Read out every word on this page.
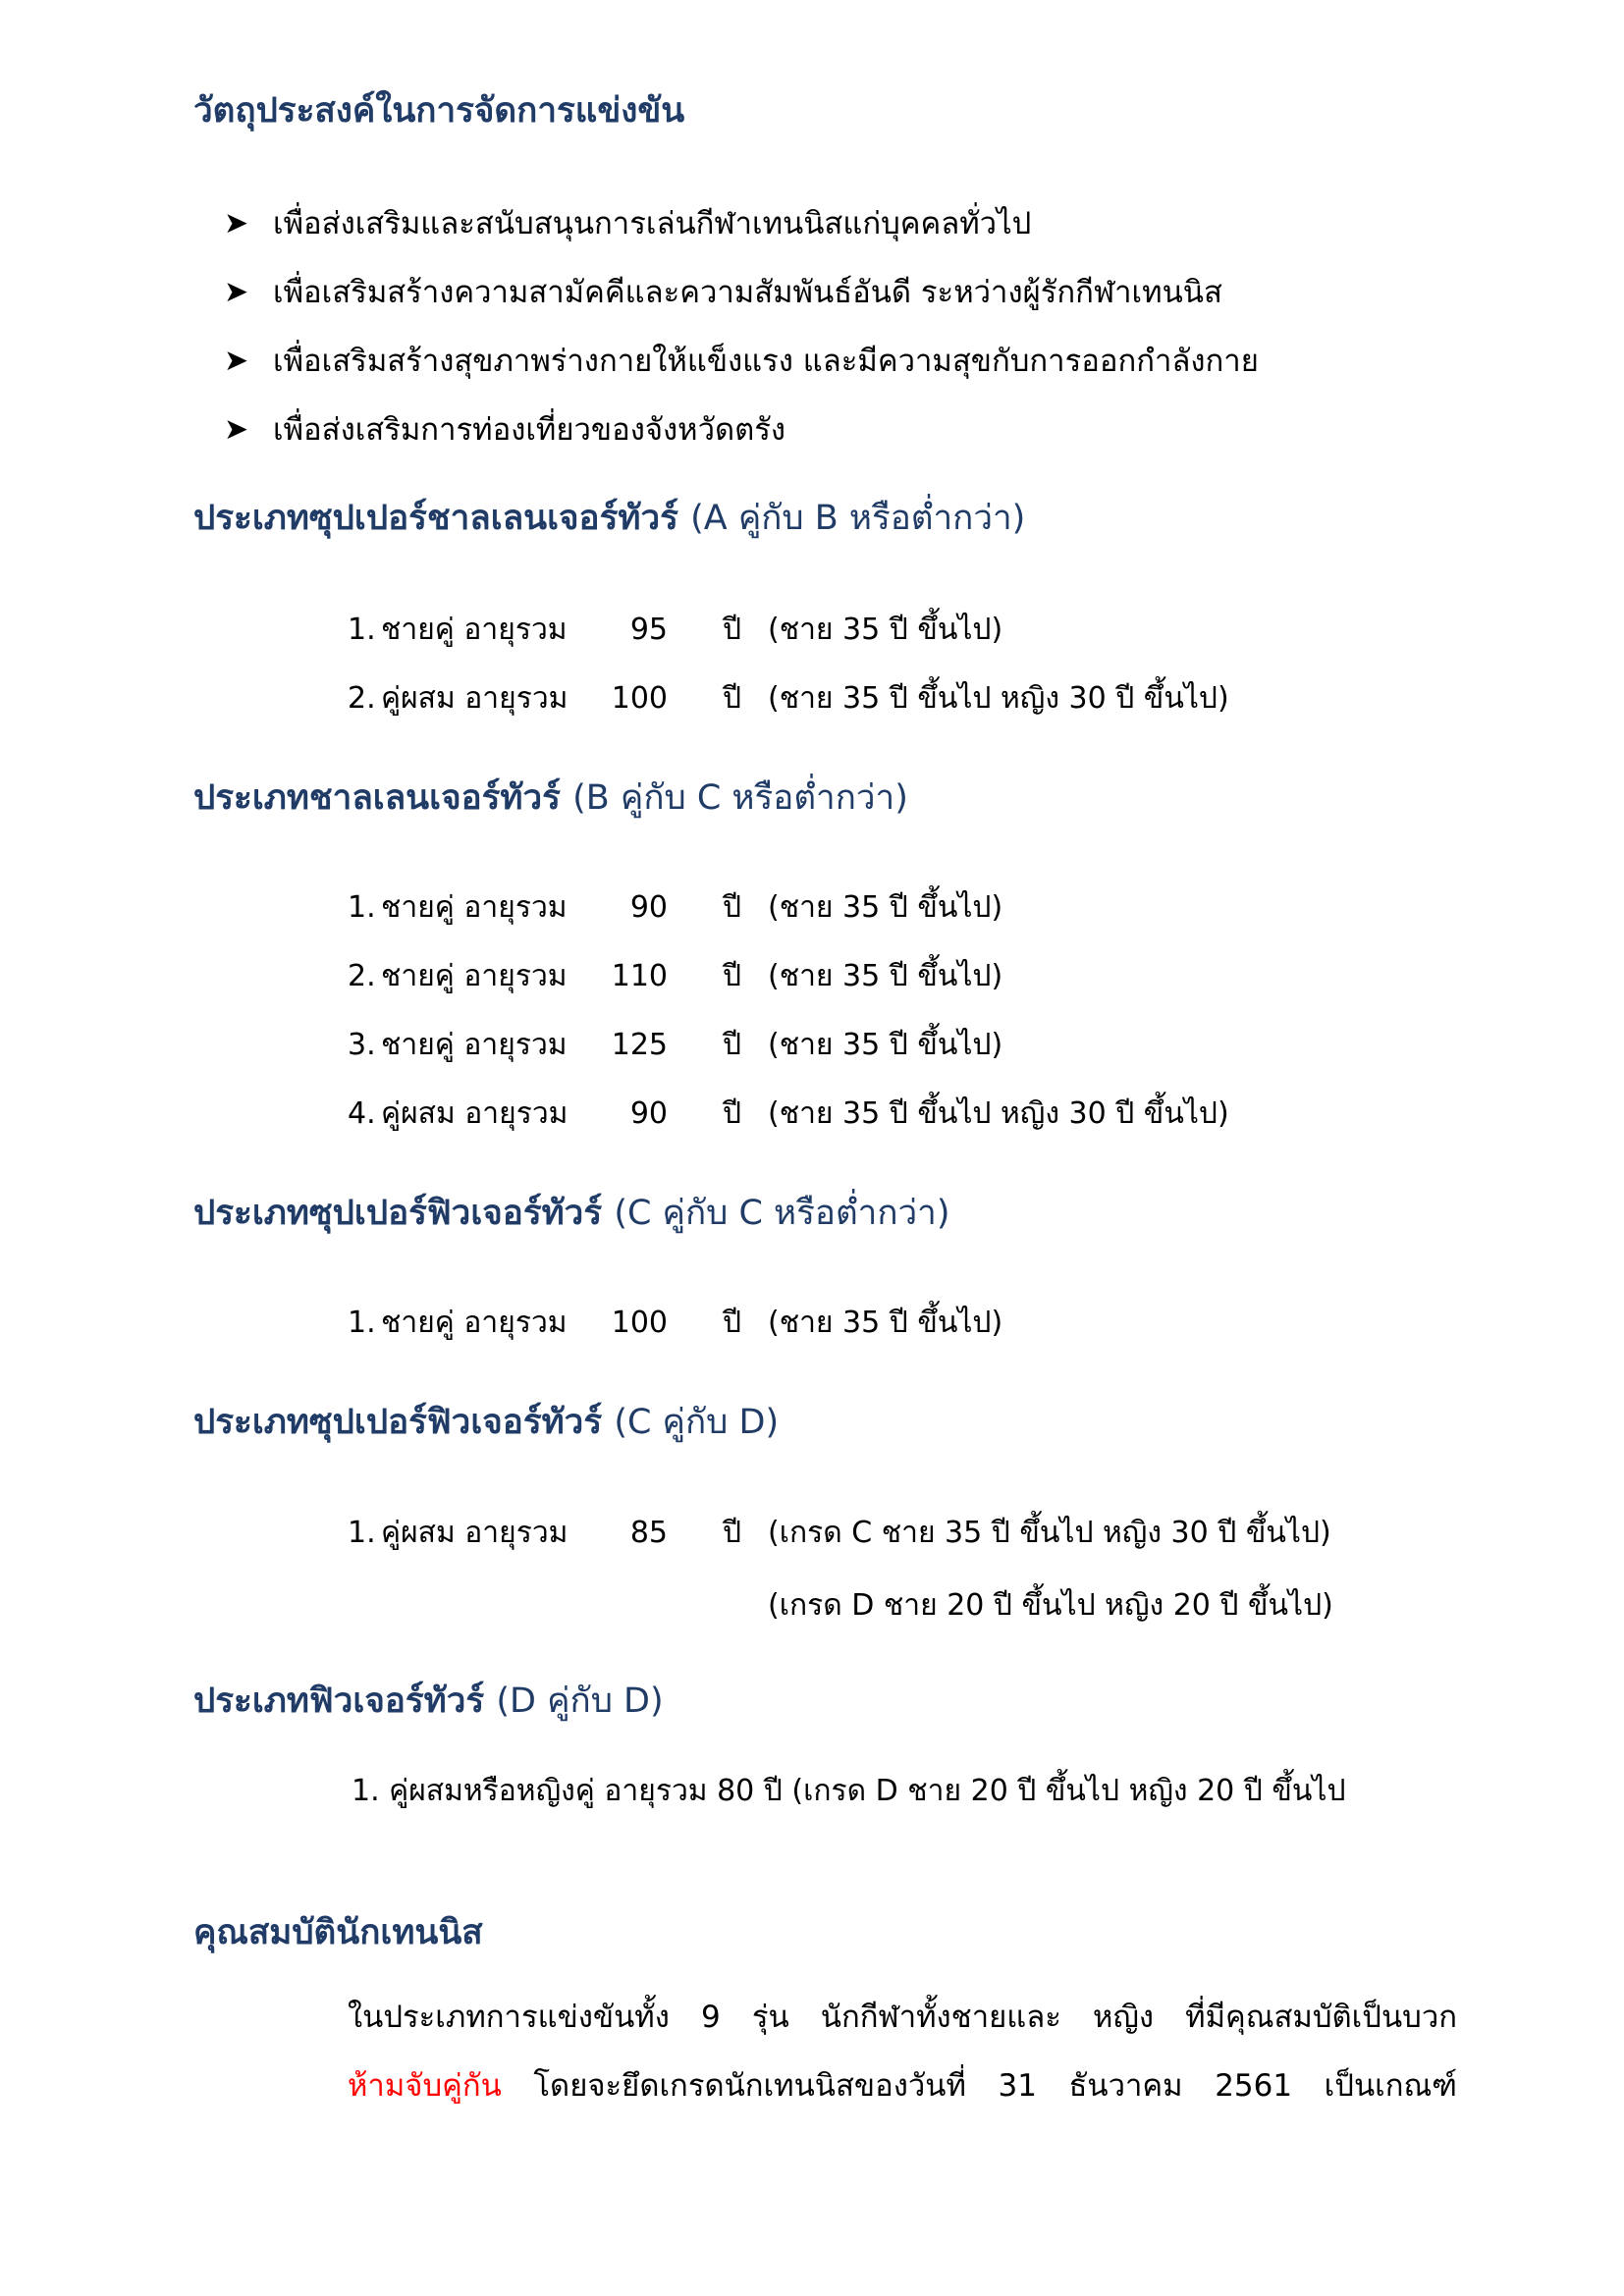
วัตถุประสงค์ในการจัดการแข่งขัน
➤ เพื่อส่งเสริมและสนับสนุนการเล่นกีฬาเทนนิสแก่บุคคลทั่วไป
➤ เพื่อเสริมสร้างความสามัคคีและความสัมพันธ์อันดี ระหว่างผู้รักกีฬาเทนนิส
➤ เพื่อเสริมสร้างสุขภาพร่างกายให้แข็งแรง และมีความสุขกับการออกกำลังกาย
➤ เพื่อส่งเสริมการท่องเที่ยวของจังหวัดตรัง
ประเภทซุปเปอร์ชาลเลนเจอร์ทัวร์ (A คู่กับ B หรือต่ำกว่า)
1. ชายคู่ อายุรวม	95 ปี (ชาย 35 ปี ขึ้นไป)
2. คู่ผสม อายุรวม	100 ปี (ชาย 35 ปี ขึ้นไป หญิง 30 ปี ขึ้นไป)
ประเภทชาลเลนเจอร์ทัวร์ (B คู่กับ C หรือต่ำกว่า)
1. ชายคู่ อายุรวม	90 ปี (ชาย 35 ปี ขึ้นไป)
2. ชายคู่ อายุรวม	110 ปี (ชาย 35 ปี ขึ้นไป)
3. ชายคู่ อายุรวม	125 ปี (ชาย 35 ปี ขึ้นไป)
4. คู่ผสม อายุรวม	90 ปี (ชาย 35 ปี ขึ้นไป หญิง 30 ปี ขึ้นไป)
ประเภทซุปเปอร์ฟิวเจอร์ทัวร์ (C คู่กับ C หรือต่ำกว่า)
1. ชายคู่ อายุรวม	100 ปี (ชาย 35 ปี ขึ้นไป)
ประเภทซุปเปอร์ฟิวเจอร์ทัวร์ (C คู่กับ D)
1. คู่ผสม อายุรวม	85 ปี (เกรด C ชาย 35 ปี ขึ้นไป หญิง 30 ปี ขึ้นไป)
(เกรด D ชาย 20 ปี ขึ้นไป หญิง 20 ปี ขึ้นไป)
ประเภทฟิวเจอร์ทัวร์ (D คู่กับ D)
1. คู่ผสมหรือหญิงคู่ อายุรวม 80 ปี (เกรด D ชาย 20 ปี ขึ้นไป หญิง 20 ปี ขึ้นไป
คุณสมบัตินักเทนนิส
ในประเภทการแข่งขันทั้ง 9 รุ่น นักกีฬาทั้งชายและ หญิง ที่มีคุณสมบัติเป็นบวก
ห้ามจับคู่กัน โดยจะยึดเกรดนักเทนนิสของวันที่ 31 ธันวาคม 2561 เป็นเกณฑ์
